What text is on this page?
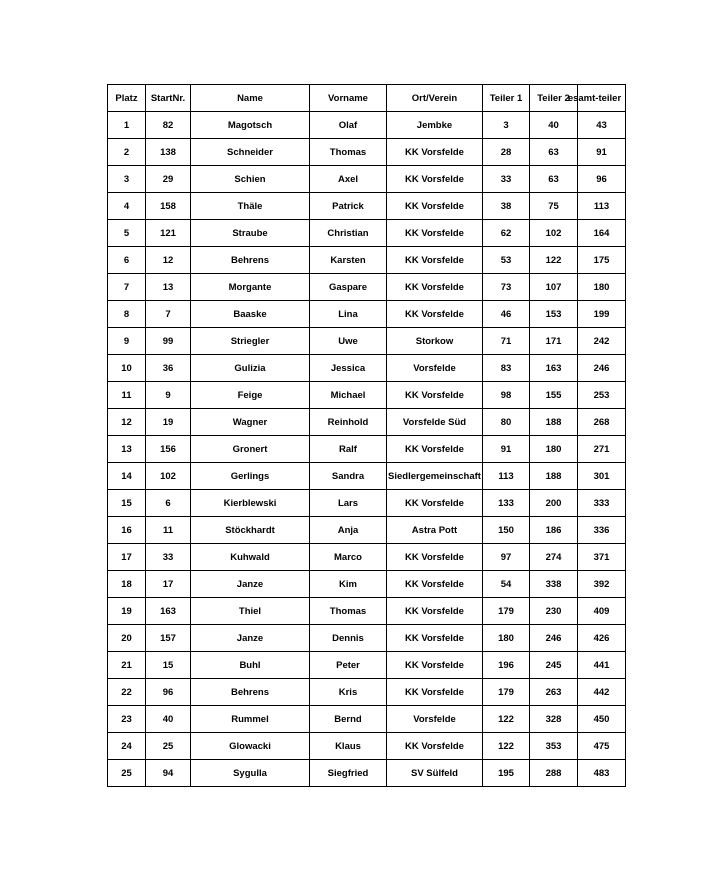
Platz	StartNr.	Name	Vorname	Ort/Verein	Teiler 1	Teiler 2	esamt-teiler
1	82	Magotsch	Olaf	Jembke	3	40	43
2	138	Schneider	Thomas	KK Vorsfelde	28	63	91
3	29	Schien	Axel	KK Vorsfelde	33	63	96
4	158	Thäle	Patrick	KK Vorsfelde	38	75	113
5	121	Straube	Christian	KK Vorsfelde	62	102	164
6	12	Behrens	Karsten	KK Vorsfelde	53	122	175
7	13	Morgante	Gaspare	KK Vorsfelde	73	107	180
8	7	Baaske	Lina	KK Vorsfelde	46	153	199
9	99	Striegler	Uwe	Storkow	71	171	242
10	36	Gulizia	Jessica	Vorsfelde	83	163	246
11	9	Feige	Michael	KK Vorsfelde	98	155	253
12	19	Wagner	Reinhold	Vorsfelde Süd	80	188	268
13	156	Gronert	Ralf	KK Vorsfelde	91	180	271
14	102	Gerlings	Sandra	Siedlergemeinschaft	113	188	301
15	6	Kierblewski	Lars	KK Vorsfelde	133	200	333
16	11	Stöckhardt	Anja	Astra Pott	150	186	336
17	33	Kuhwald	Marco	KK Vorsfelde	97	274	371
18	17	Janze	Kim	KK Vorsfelde	54	338	392
19	163	Thiel	Thomas	KK Vorsfelde	179	230	409
20	157	Janze	Dennis	KK Vorsfelde	180	246	426
21	15	Buhl	Peter	KK Vorsfelde	196	245	441
22	96	Behrens	Kris	KK Vorsfelde	179	263	442
23	40	Rummel	Bernd	Vorsfelde	122	328	450
24	25	Glowacki	Klaus	KK Vorsfelde	122	353	475
25	94	Sygulla	Siegfried	SV Sülfeld	195	288	483
